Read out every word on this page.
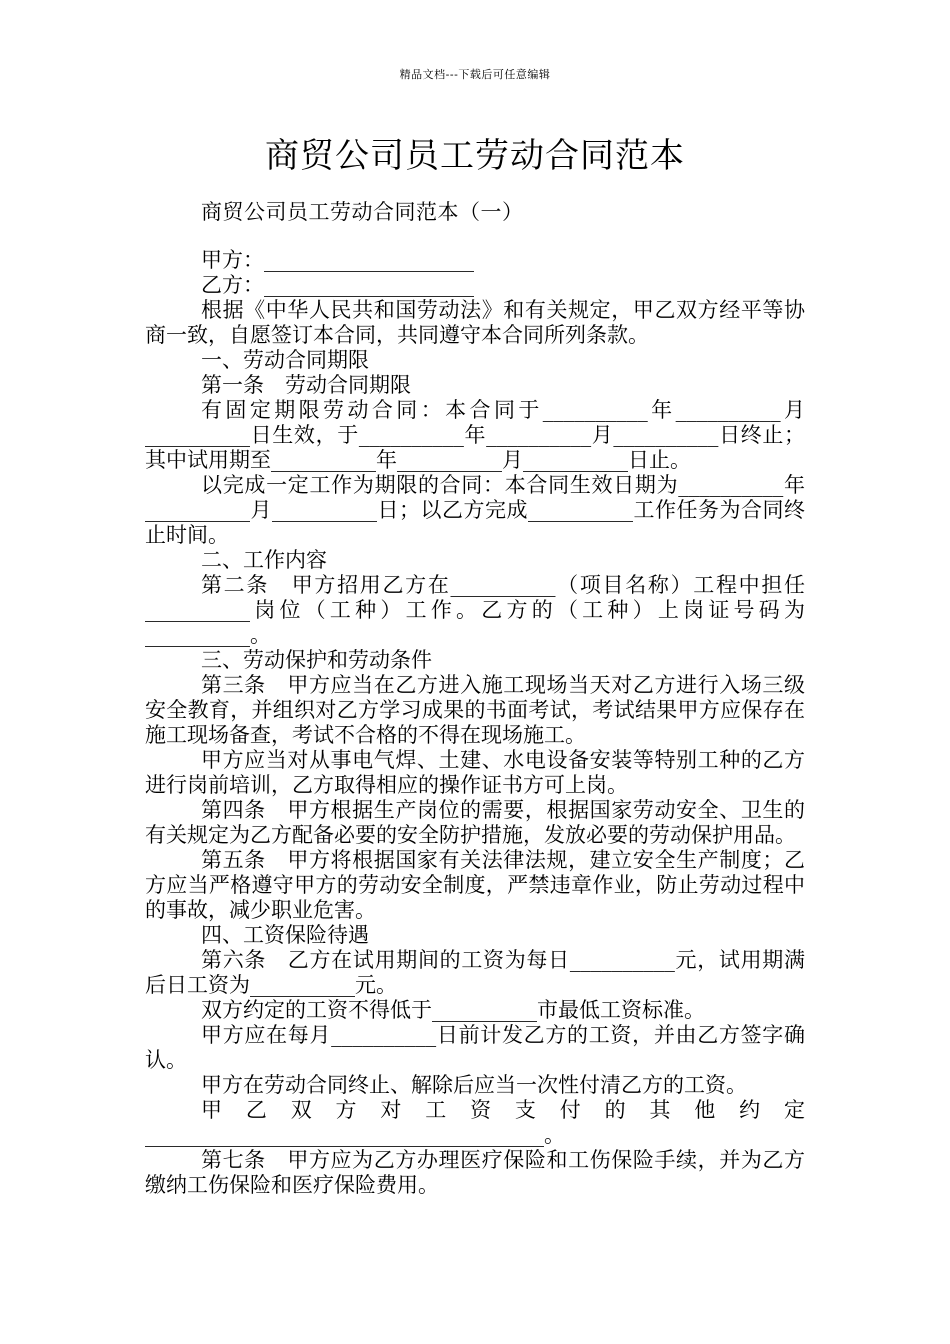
精品文档---下载后可任意编辑
商贸公司员工劳动合同范本
商贸公司员工劳动合同范本（一）

甲方：____________________

乙方：____________________

根据《中华人民共和国劳动法》和有关规定，甲乙双方经平等协商一致，自愿签订本合同，共同遵守本合同所列条款。

一、劳动合同期限

第一条　劳动合同期限

有固定期限劳动合同：本合同于__________年__________月__________日生效，于__________年__________月__________日终止；其中试用期至__________年__________月__________日止。

以完成一定工作为期限的合同：本合同生效日期为__________年__________月__________日；以乙方完成__________工作任务为合同终止时间。

二、工作内容

第二条　甲方招用乙方在__________（项目名称）工程中担任__________岗位（工种）工作。乙方的（工种）上岗证号码为__________。

三、劳动保护和劳动条件

第三条　甲方应当在乙方进入施工现场当天对乙方进行入场三级安全教育，并组织对乙方学习成果的书面考试，考试结果甲方应保存在施工现场备查，考试不合格的不得在现场施工。

甲方应当对从事电气焊、土建、水电设备安装等特别工种的乙方进行岗前培训，乙方取得相应的操作证书方可上岗。

第四条　甲方根据生产岗位的需要，根据国家劳动安全、卫生的有关规定为乙方配备必要的安全防护措施，发放必要的劳动保护用品。

第五条　甲方将根据国家有关法律法规，建立安全生产制度；乙方应当严格遵守甲方的劳动安全制度，严禁违章作业，防止劳动过程中的事故，减少职业危害。

四、工资保险待遇

第六条　乙方在试用期间的工资为每日__________元，试用期满后日工资为__________元。

双方约定的工资不得低于__________市最低工资标准。

甲方应在每月__________日前计发乙方的工资，并由乙方签字确认。

甲方在劳动合同终止、解除后应当一次性付清乙方的工资。

甲乙双方对工资支付的其他约定______________________________________。

第七条　甲方应为乙方办理医疗保险和工伤保险手续，并为乙方缴纳工伤保险和医疗保险费用。
